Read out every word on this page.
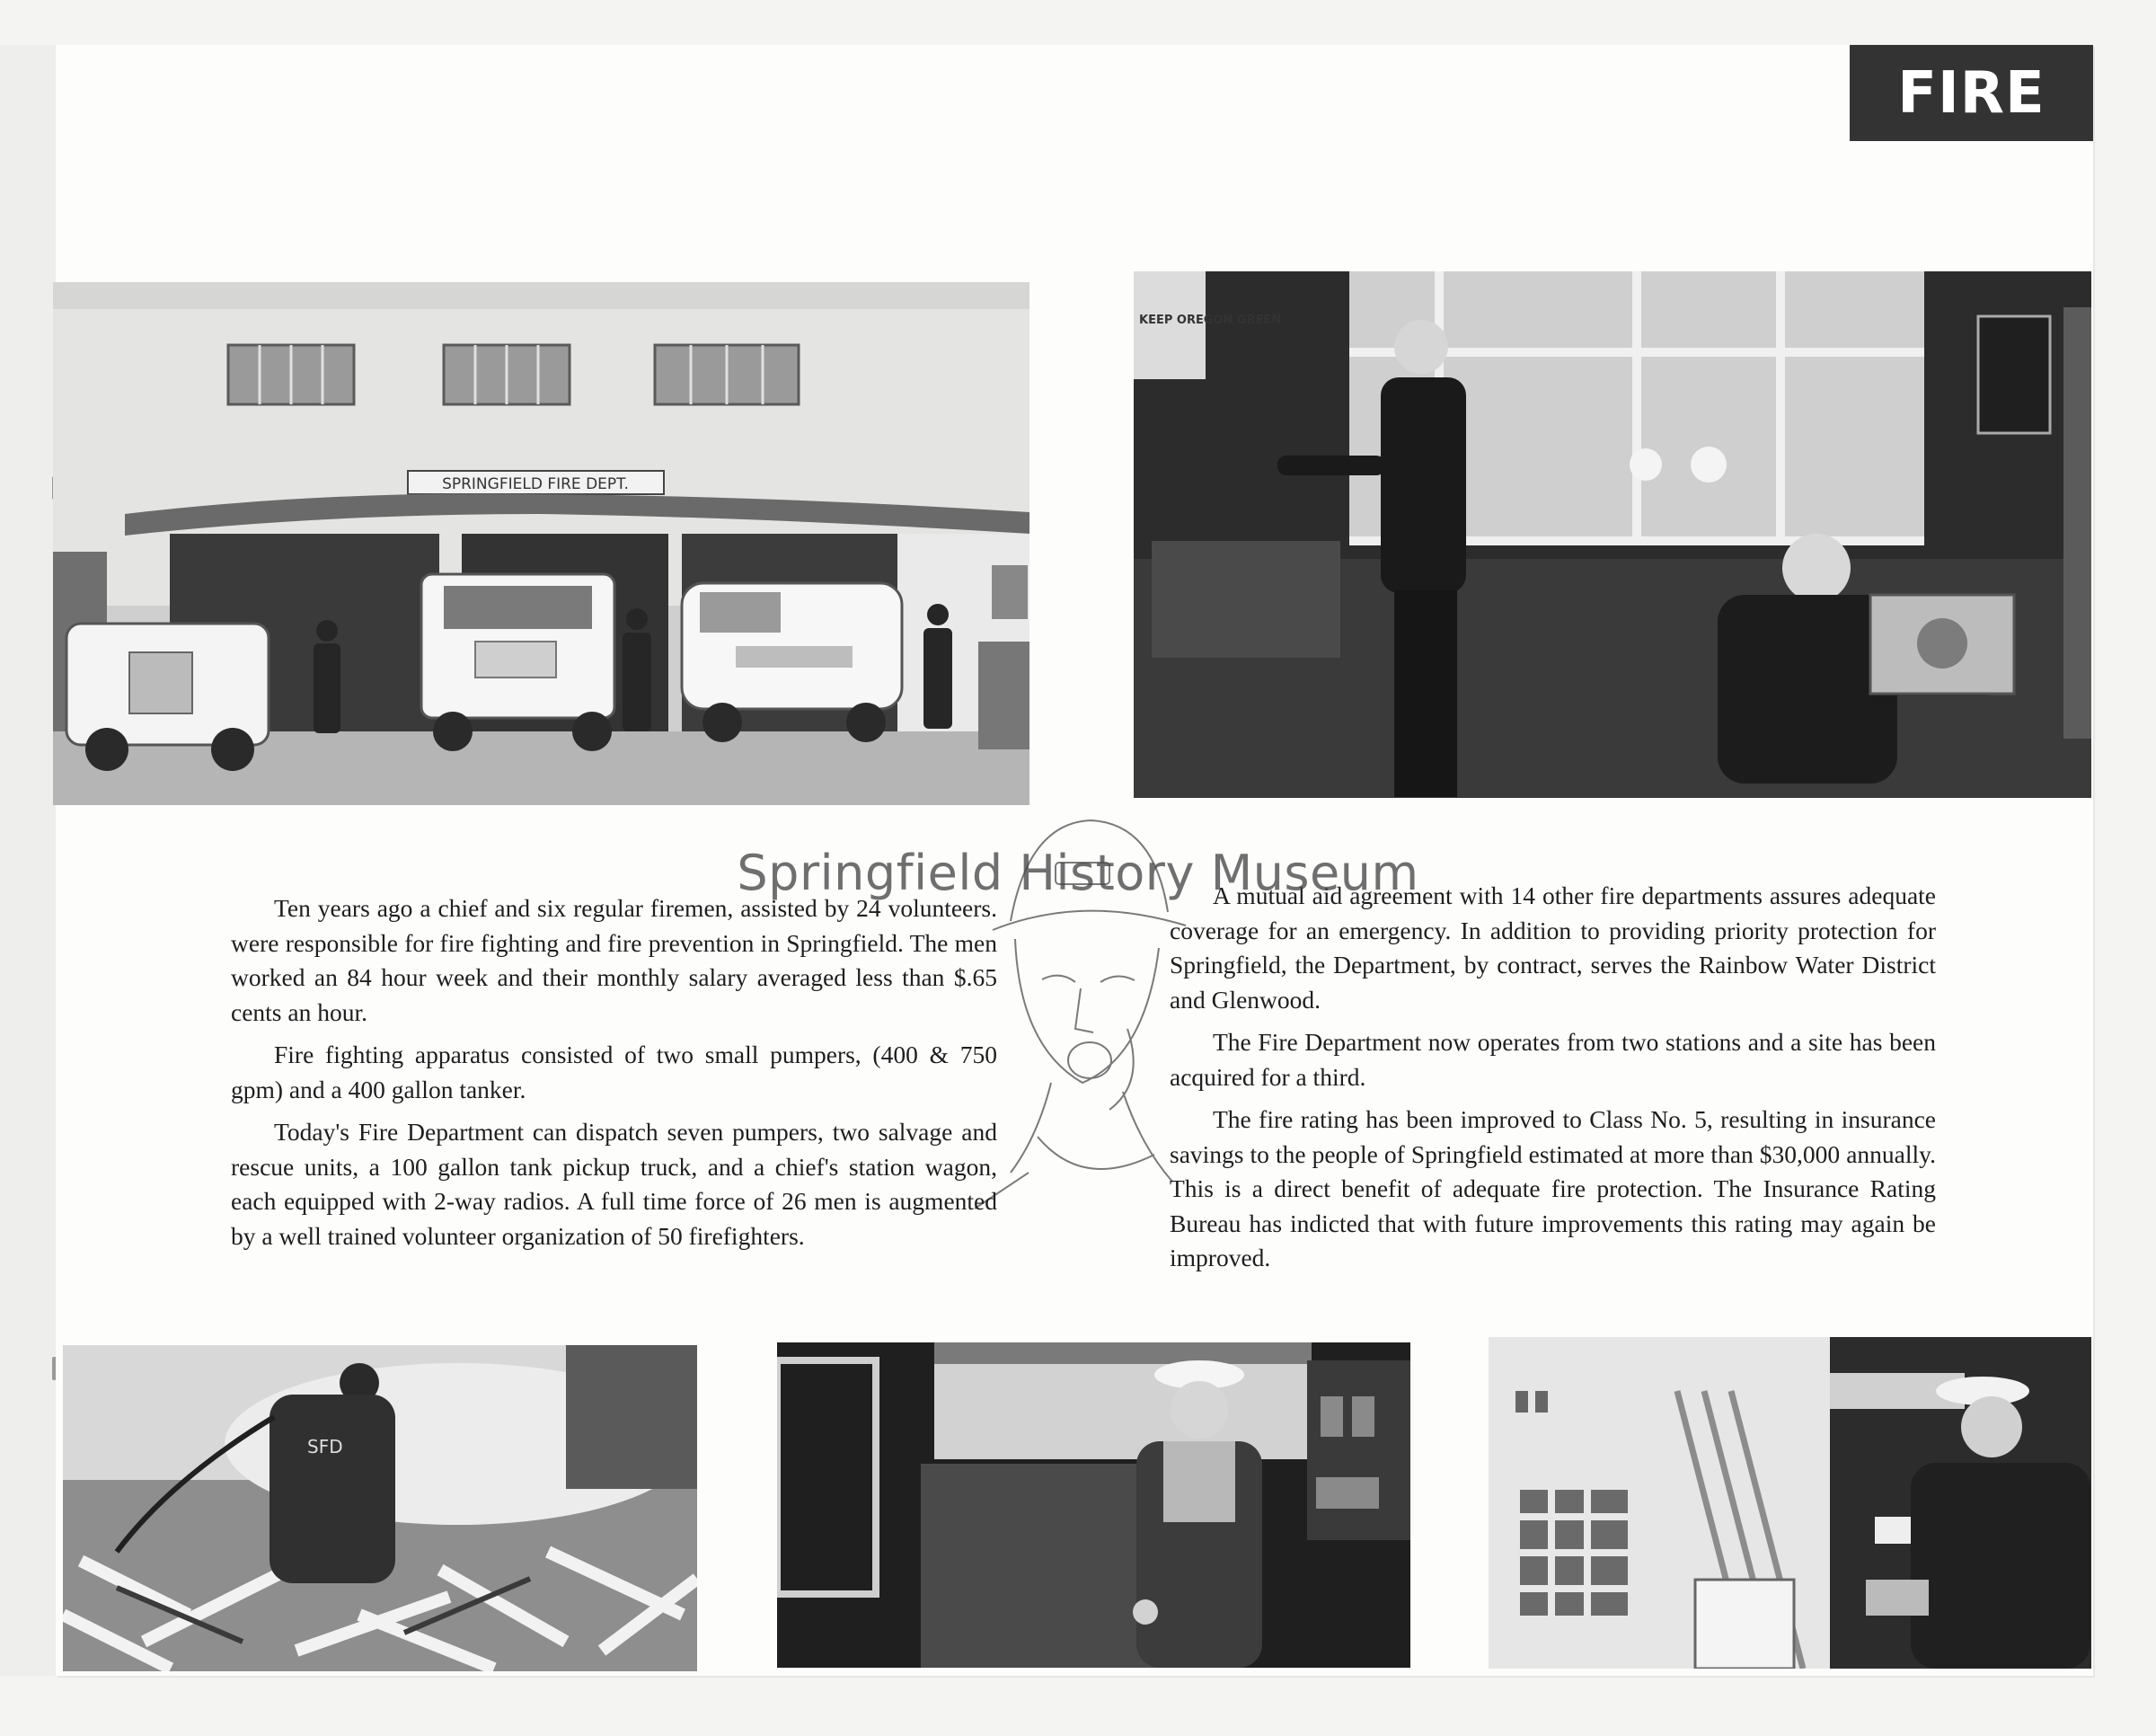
FIRE
SPRINGFIELD FIRE DEPT.
KEEP OREGON GREEN
SFD

Ten years ago a chief and six regular firemen, assisted by 24 volunteers. were responsible for fire fighting and fire prevention in Springfield. The men worked an 84 hour week and their monthly salary averaged less than $.65 cents an hour.

Fire fighting apparatus consisted of two small pumpers, (400 & 750 gpm) and a 400 gallon tanker.

Today's Fire Department can dispatch seven pumpers, two salvage and rescue units, a 100 gallon tank pickup truck, and a chief's station wagon, each equipped with 2-way radios. A full time force of 26 men is augmented by a well trained volunteer organization of 50 firefighters.

A mutual aid agreement with 14 other fire departments assures adequate coverage for an emergency. In addition to providing priority protection for Springfield, the Department, by contract, serves the Rainbow Water District and Glenwood.

The Fire Department now operates from two stations and a site has been acquired for a third.

The fire rating has been improved to Class No. 5, resulting in insurance savings to the people of Springfield estimated at more than $30,000 annually. This is a direct benefit of adequate fire protection. The Insurance Rating Bureau has indicted that with future improvements this rating may again be improved.

Springfield History Museum
